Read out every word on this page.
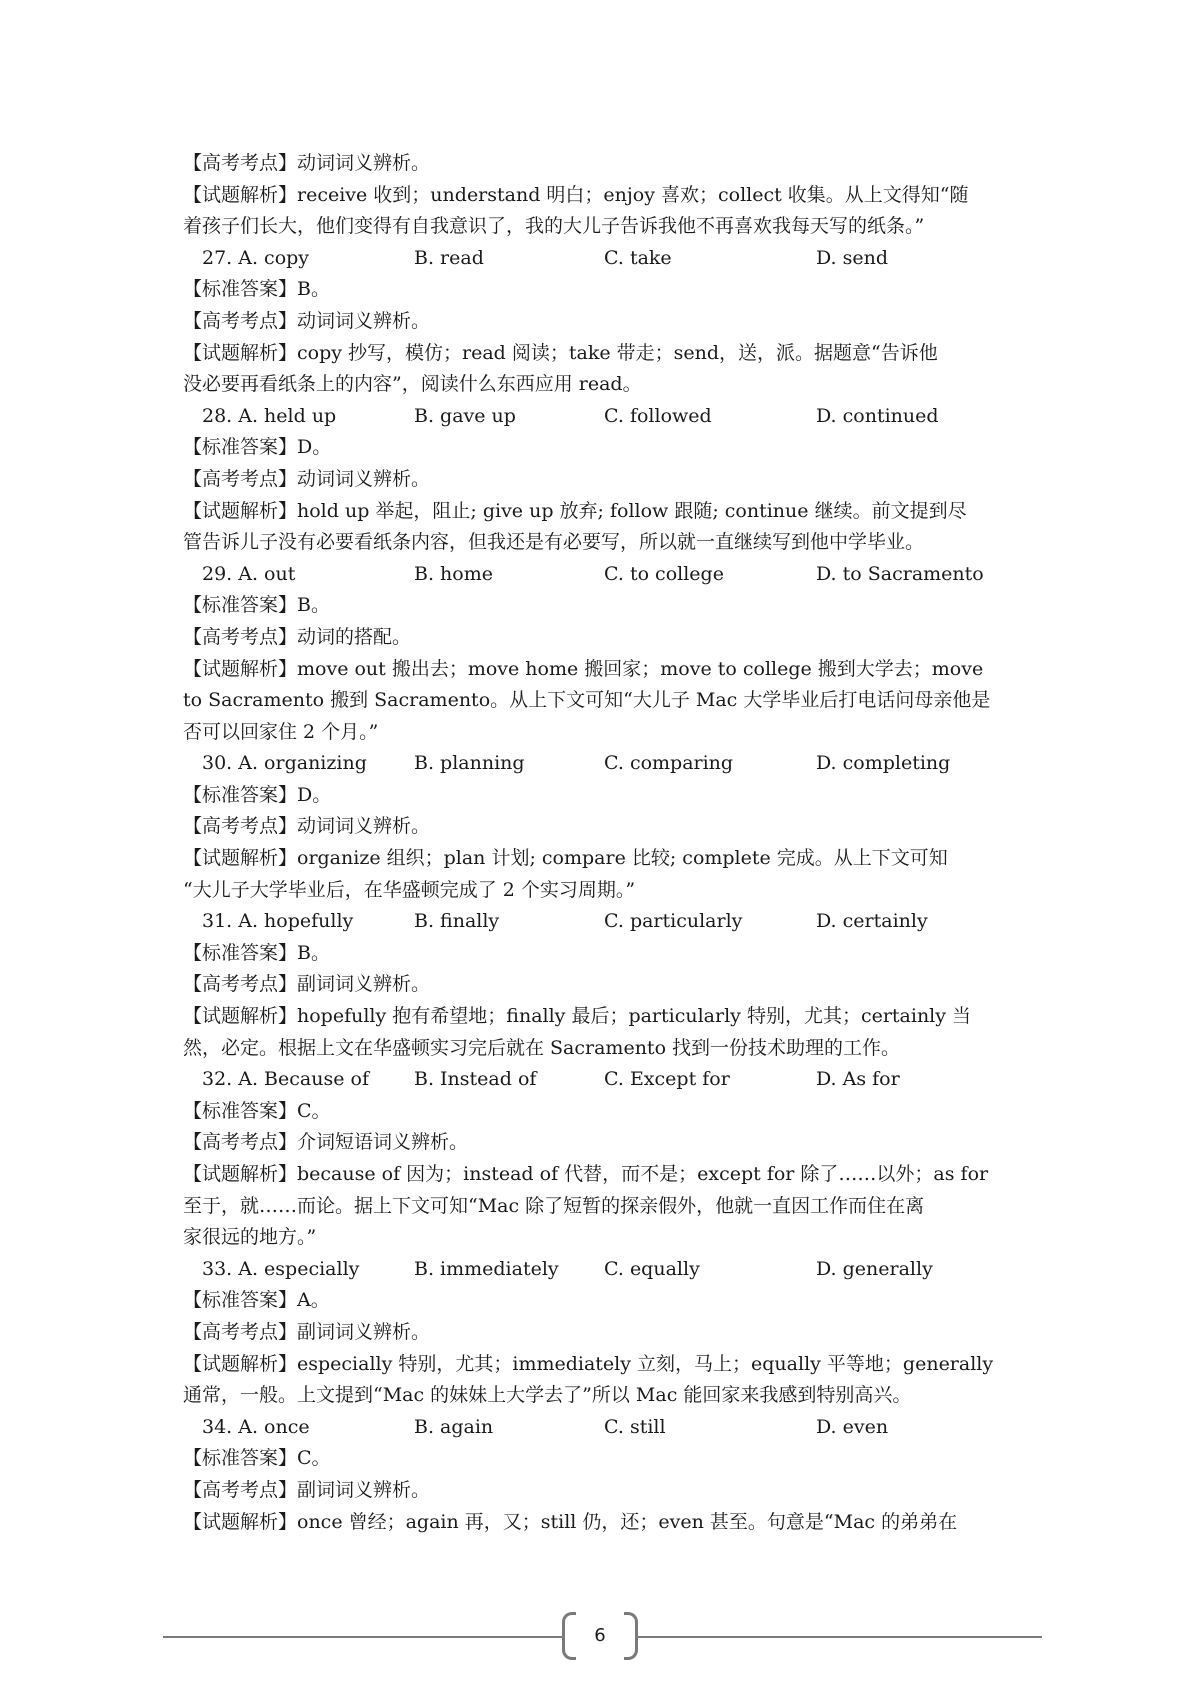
【高考考点】动词词义辨析。
【试题解析】receive 收到；understand 明白；enjoy 喜欢；collect 收集。从上文得知“随
着孩子们长大，他们变得有自我意识了，我的大儿子告诉我他不再喜欢我每天写的纸条。”
27. A. copy	B. read	C. take	D. send
【标准答案】B。
【高考考点】动词词义辨析。
【试题解析】copy 抄写，模仿；read 阅读；take 带走；send，送，派。据题意“告诉他
没必要再看纸条上的内容”，阅读什么东西应用 read。
28. A. held up	B. gave up	C. followed	D. continued
【标准答案】D。
【高考考点】动词词义辨析。
【试题解析】hold up 举起，阻止; give up 放弃; follow 跟随; continue 继续。前文提到尽
管告诉儿子没有必要看纸条内容，但我还是有必要写，所以就一直继续写到他中学毕业。
29. A. out	B. home	C. to college	D. to Sacramento
【标准答案】B。
【高考考点】动词的搭配。
【试题解析】move out 搬出去；move home 搬回家；move to college 搬到大学去；move
to Sacramento 搬到 Sacramento。从上下文可知“大儿子 Mac 大学毕业后打电话问母亲他是
否可以回家住 2 个月。”
30. A. organizing	B. planning	C. comparing	D. completing
【标准答案】D。
【高考考点】动词词义辨析。
【试题解析】organize 组织；plan 计划; compare 比较; complete 完成。从上下文可知
“大儿子大学毕业后，在华盛顿完成了 2 个实习周期。”
31. A. hopefully	B. finally	C. particularly	D. certainly
【标准答案】B。
【高考考点】副词词义辨析。
【试题解析】hopefully 抱有希望地；finally 最后；particularly 特别，尤其；certainly 当
然，必定。根据上文在华盛顿实习完后就在 Sacramento 找到一份技术助理的工作。
32. A. Because of	B. Instead of	C. Except for	D. As for
【标准答案】C。
【高考考点】介词短语词义辨析。
【试题解析】because of 因为；instead of 代替，而不是；except for 除了……以外；as for
至于，就……而论。据上下文可知“Mac 除了短暂的探亲假外，他就一直因工作而住在离
家很远的地方。”
33. A. especially	B. immediately	C. equally	D. generally
【标准答案】A。
【高考考点】副词词义辨析。
【试题解析】especially 特别，尤其；immediately 立刻，马上；equally 平等地；generally
通常，一般。上文提到“Mac 的妹妹上大学去了”所以 Mac 能回家来我感到特别高兴。
34. A. once	B. again	C. still	D. even
【标准答案】C。
【高考考点】副词词义辨析。
【试题解析】once 曾经；again 再，又；still 仍，还；even 甚至。句意是“Mac 的弟弟在
6
